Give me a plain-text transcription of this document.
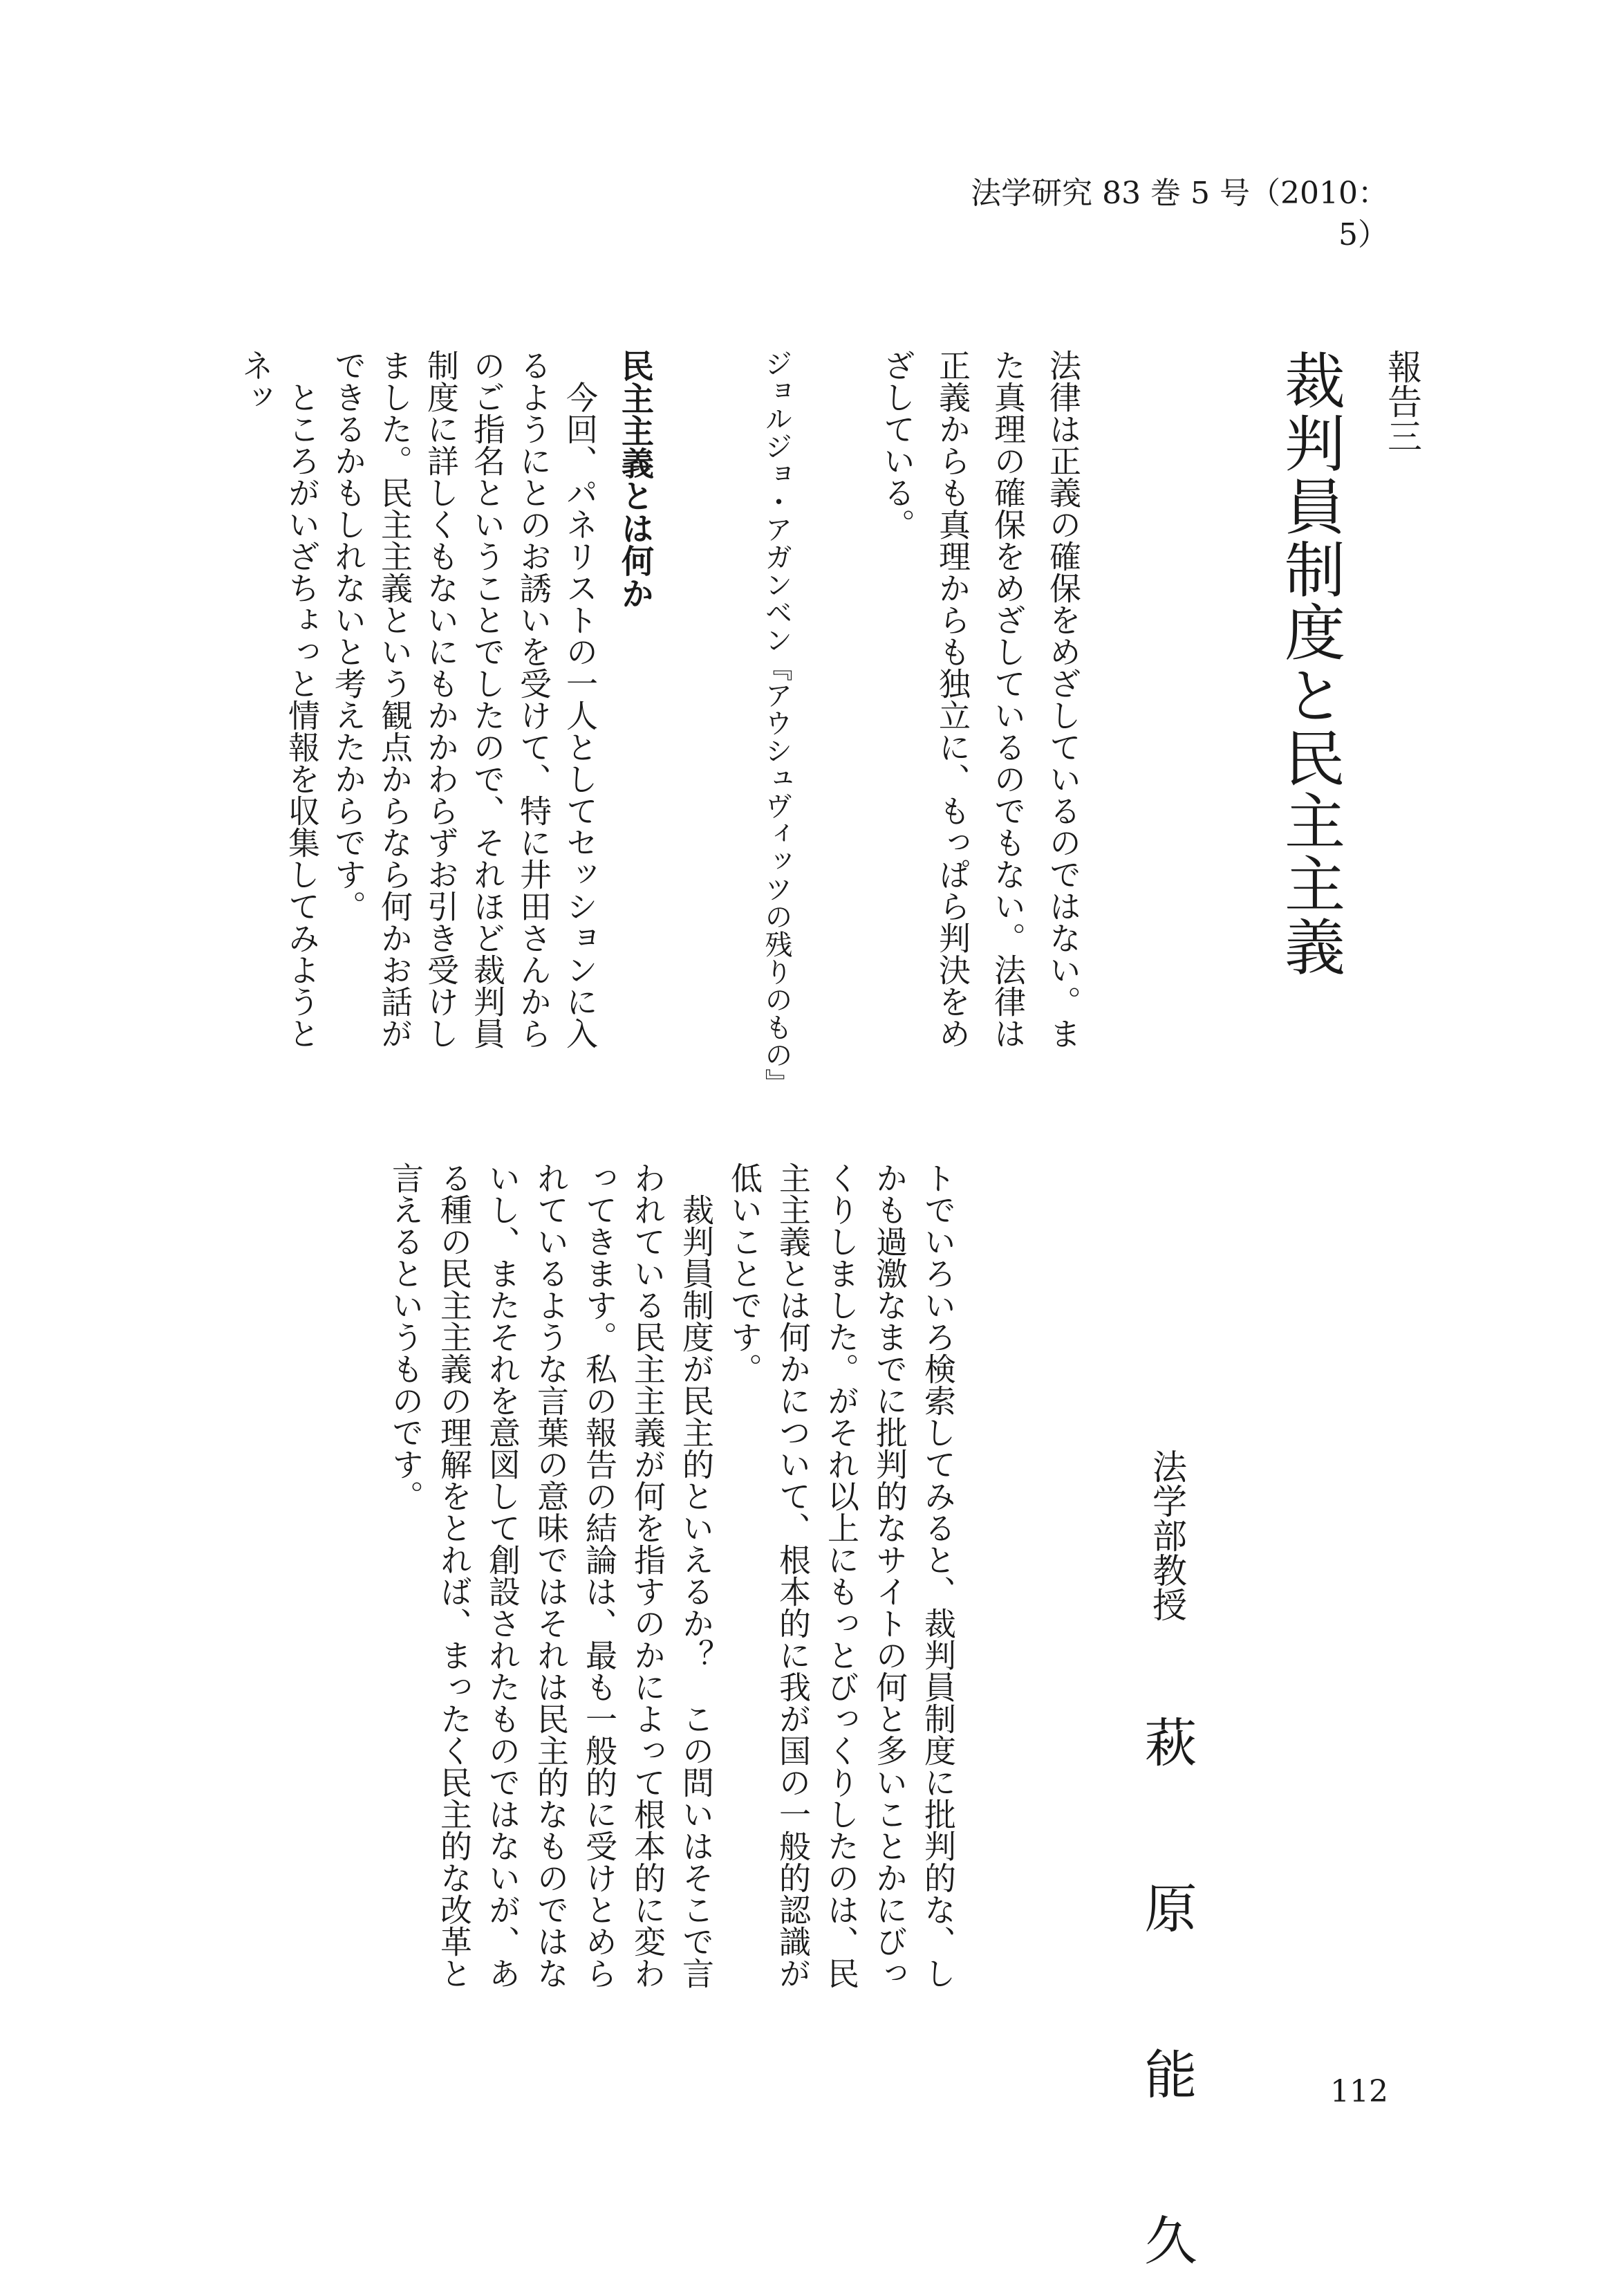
法学研究 83 巻 5 号（2010：5）
報告三
裁判員制度と民主主義
法律は正義の確保をめざしているのではない。また真理の確保をめざしているのでもない。法律は正義からも真理からも独立に、もっぱら判決をめざしている。
ジョルジョ・アガンベン『アウシュヴィッツの残りのもの』
民主主義とは何か
　今回、パネリストの一人としてセッションに入るようにとのお誘いを受けて、特に井田さんからのご指名ということでしたので、それほど裁判員制度に詳しくもないにもかかわらずお引き受けしました。民主主義という観点からなら何かお話ができるかもしれないと考えたからです。
　ところがいざちょっと情報を収集してみようとネッ
トでいろいろ検索してみると、裁判員制度に批判的な、しかも過激なまでに批判的なサイトの何と多いことかにびっくりしました。がそれ以上にもっとびっくりしたのは、民主主義とは何かについて、根本的に我が国の一般的認識が低いことです。
　裁判員制度が民主的といえるか？　この問いはそこで言われている民主主義が何を指すのかによって根本的に変わってきます。私の報告の結論は、最も一般的に受けとめられているような言葉の意味ではそれは民主的なものではないし、またそれを意図して創設されたものではないが、ある種の民主主義の理解をとれば、まったく民主的な改革と言えるというものです。
法学部教授
萩　原　能　久	112
